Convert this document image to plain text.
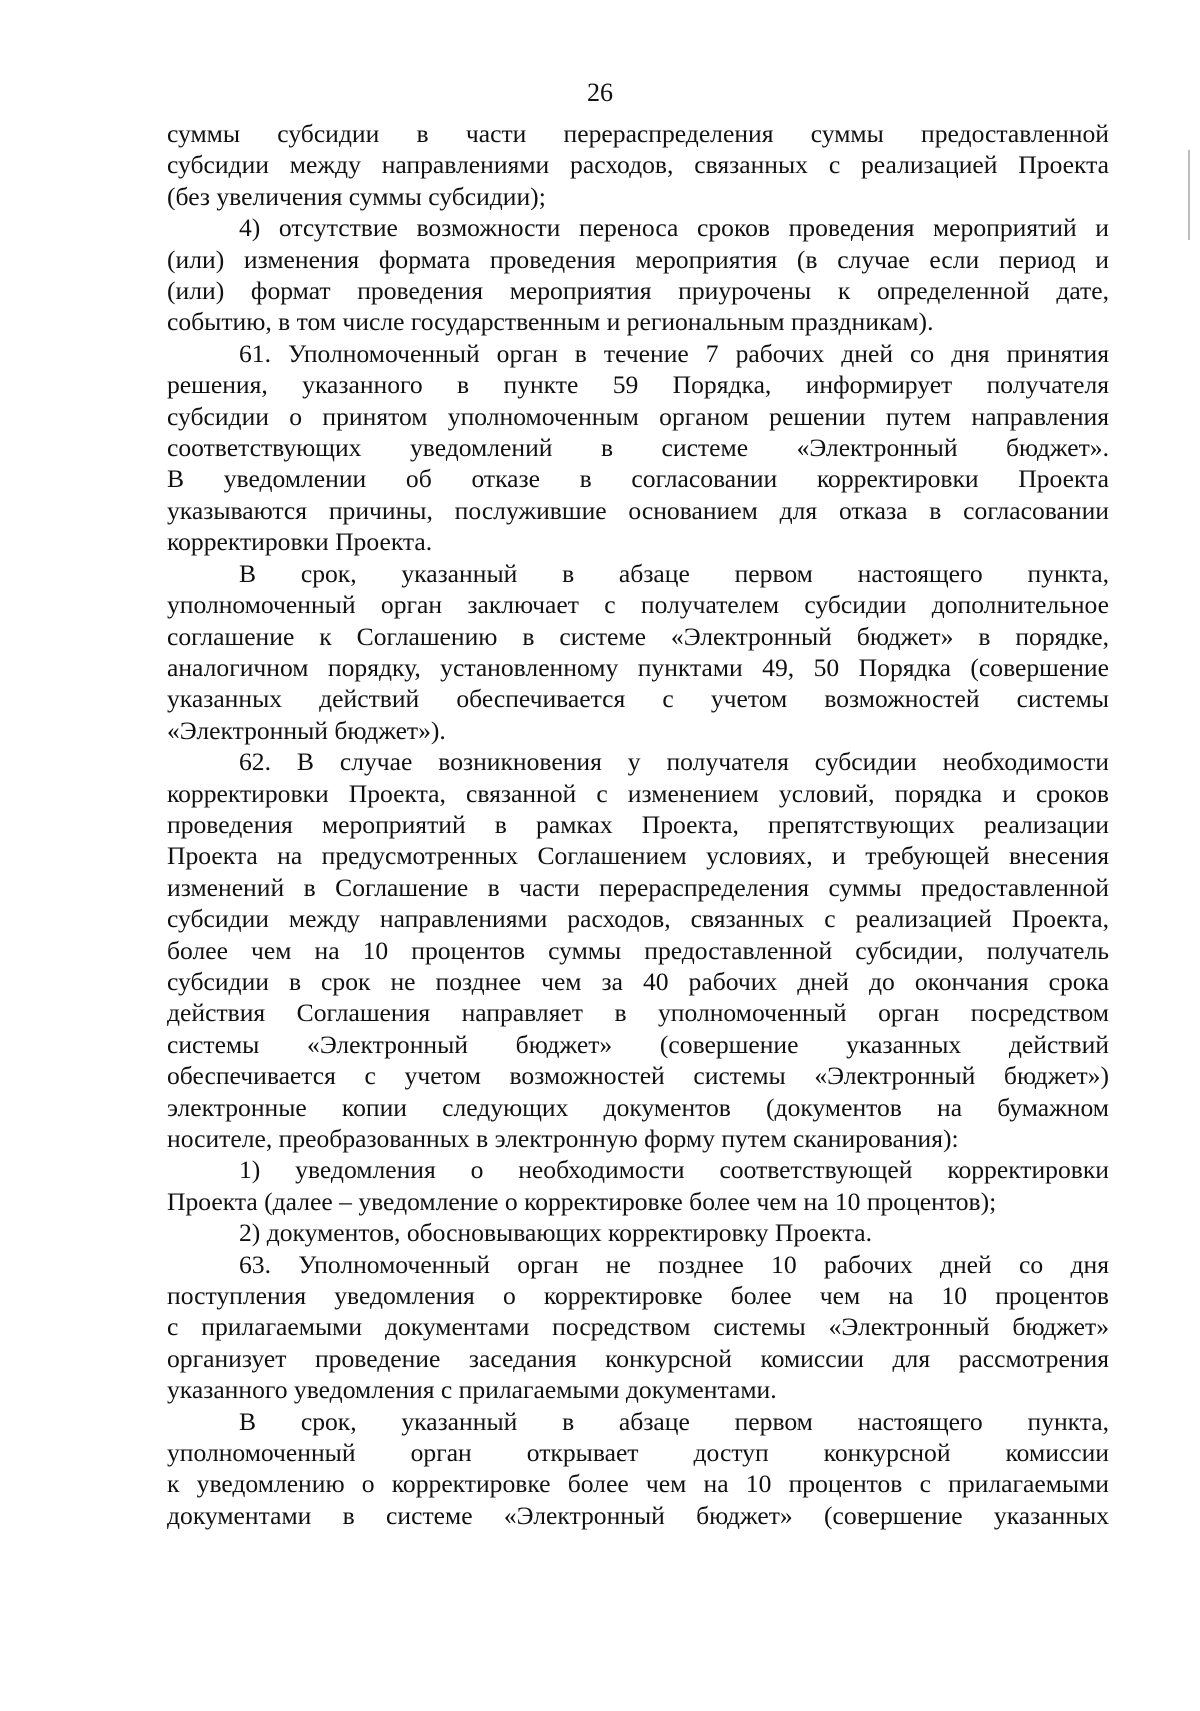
26
суммы субсидии в части перераспределения суммы предоставленной
субсидии между направлениями расходов, связанных с реализацией Проекта
(без увеличения суммы субсидии);
4) отсутствие возможности переноса сроков проведения мероприятий и
(или) изменения формата проведения мероприятия (в случае если период и
(или) формат проведения мероприятия приурочены к определенной дате,
событию, в том числе государственным и региональным праздникам).
61. Уполномоченный орган в течение 7 рабочих дней со дня принятия
решения, указанного в пункте 59 Порядка, информирует получателя
субсидии о принятом уполномоченным органом решении путем направления
соответствующих уведомлений в системе «Электронный бюджет».
В уведомлении об отказе в согласовании корректировки Проекта
указываются причины, послужившие основанием для отказа в согласовании
корректировки Проекта.
В срок, указанный в абзаце первом настоящего пункта,
уполномоченный орган заключает с получателем субсидии дополнительное
соглашение к Соглашению в системе «Электронный бюджет» в порядке,
аналогичном порядку, установленному пунктами 49, 50 Порядка (совершение
указанных действий обеспечивается с учетом возможностей системы
«Электронный бюджет»).
62. В случае возникновения у получателя субсидии необходимости
корректировки Проекта, связанной с изменением условий, порядка и сроков
проведения мероприятий в рамках Проекта, препятствующих реализации
Проекта на предусмотренных Соглашением условиях, и требующей внесения
изменений в Соглашение в части перераспределения суммы предоставленной
субсидии между направлениями расходов, связанных с реализацией Проекта,
более чем на 10 процентов суммы предоставленной субсидии, получатель
субсидии в срок не позднее чем за 40 рабочих дней до окончания срока
действия Соглашения направляет в уполномоченный орган посредством
системы «Электронный бюджет» (совершение указанных действий
обеспечивается с учетом возможностей системы «Электронный бюджет»)
электронные копии следующих документов (документов на бумажном
носителе, преобразованных в электронную форму путем сканирования):
1) уведомления о необходимости соответствующей корректировки
Проекта (далее – уведомление о корректировке более чем на 10 процентов);
2) документов, обосновывающих корректировку Проекта.
63. Уполномоченный орган не позднее 10 рабочих дней со дня
поступления уведомления о корректировке более чем на 10 процентов
с прилагаемыми документами посредством системы «Электронный бюджет»
организует проведение заседания конкурсной комиссии для рассмотрения
указанного уведомления с прилагаемыми документами.
В срок, указанный в абзаце первом настоящего пункта,
уполномоченный орган открывает доступ конкурсной комиссии
к уведомлению о корректировке более чем на 10 процентов с прилагаемыми
документами в системе «Электронный бюджет» (совершение указанных
